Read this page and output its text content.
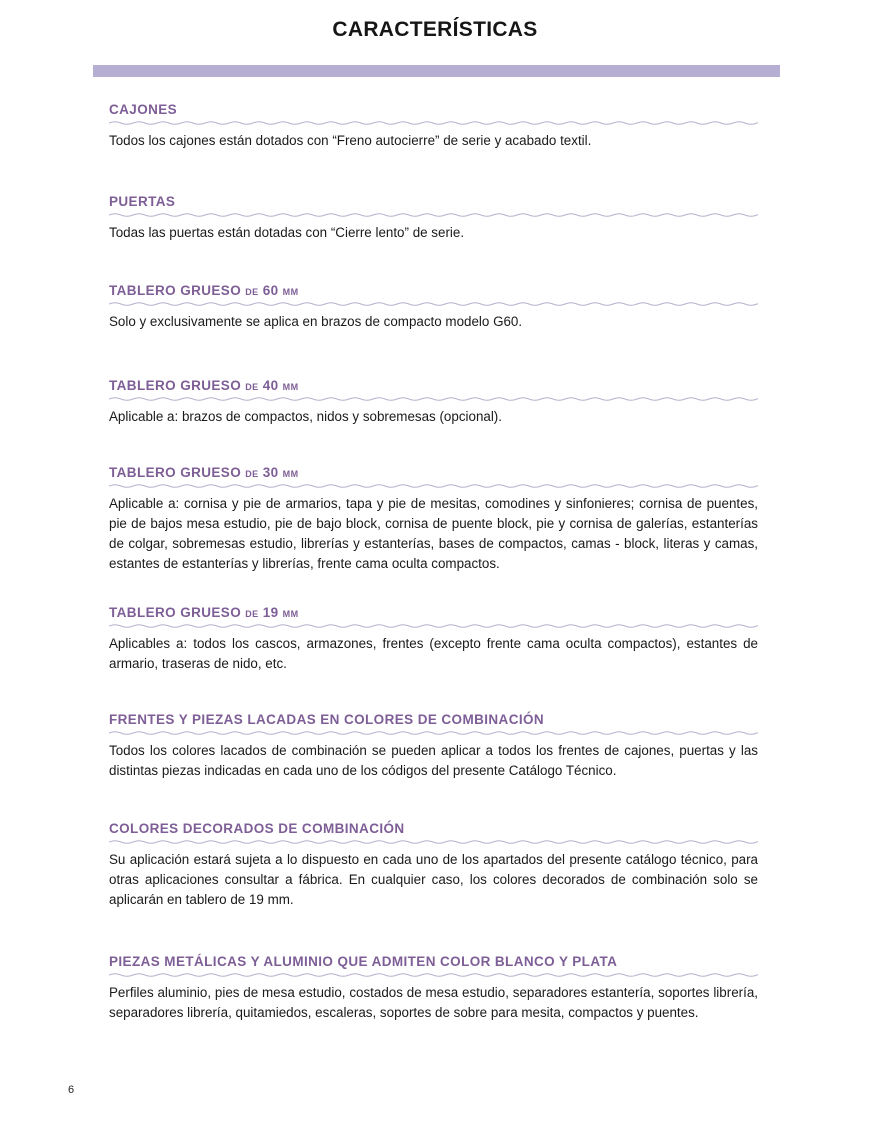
CARACTERÍSTICAS
CAJONES

Todos los cajones están dotados con “Freno autocierre” de serie y acabado textil.

PUERTAS

Todas las puertas están dotadas con “Cierre lento” de serie.

TABLERO GRUESO de 60 mm

Solo y exclusivamente se aplica en brazos de compacto modelo G60.

TABLERO GRUESO de 40 mm

Aplicable a: brazos de compactos, nidos y sobremesas (opcional).

TABLERO GRUESO de 30 mm

Aplicable a: cornisa y pie de armarios, tapa y pie de mesitas, comodines y sinfonieres; cornisa de puentes, pie de bajos mesa estudio, pie de bajo block, cornisa de puente block, pie y cornisa de galerías, estanterías de colgar, sobremesas estudio, librerías y estanterías, bases de compactos, camas - block, literas y camas, estantes de estanterías y librerías, frente cama oculta compactos.

TABLERO GRUESO de 19 mm

Aplicables a: todos los cascos, armazones, frentes (excepto frente cama oculta compactos), estantes de armario, traseras de nido, etc.

FRENTES Y PIEZAS LACADAS EN COLORES DE COMBINACIÓN

Todos los colores lacados de combinación se pueden aplicar a todos los frentes de cajones, puertas y las distintas piezas indicadas en cada uno de los códigos del presente Catálogo Técnico.

COLORES DECORADOS DE COMBINACIÓN

Su aplicación estará sujeta a lo dispuesto en cada uno de los apartados del presente catálogo técnico, para otras aplicaciones consultar a fábrica. En cualquier caso, los colores decorados de combinación solo se aplicarán en tablero de 19 mm.

PIEZAS METÁLICAS Y ALUMINIO QUE ADMITEN COLOR BLANCO Y PLATA

Perfiles aluminio, pies de mesa estudio, costados de mesa estudio, separadores estantería, soportes librería, separadores librería, quitamiedos, escaleras, soportes de sobre para mesita, compactos y puentes.

6
